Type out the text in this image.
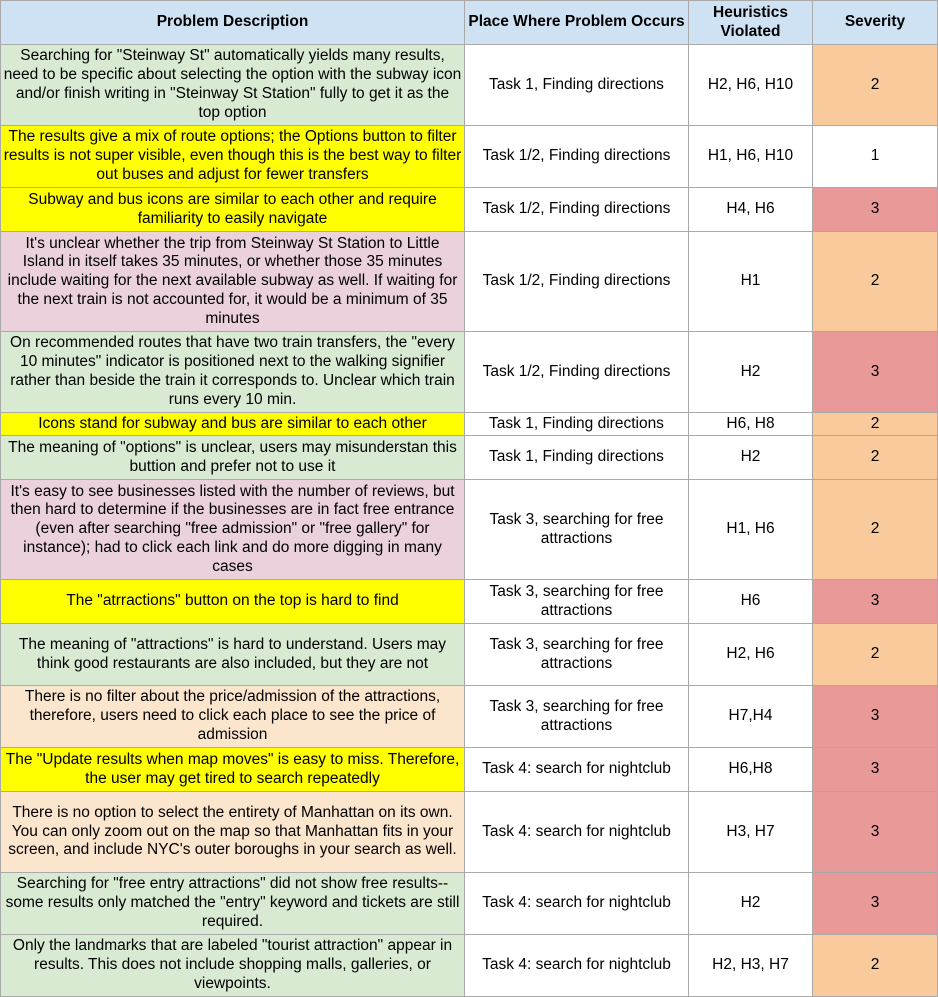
Problem Description	Place Where Problem Occurs	Heuristics Violated	Severity
Searching for "Steinway St" automatically yields many results, need to be specific about selecting the option with the subway icon and/or finish writing in "Steinway St Station" fully to get it as the top option	Task 1, Finding directions	H2, H6, H10	2
The results give a mix of route options; the Options button to filter results is not super visible, even though this is the best way to filter out buses and adjust for fewer transfers	Task 1/2, Finding directions	H1, H6, H10	1
Subway and bus icons are similar to each other and require familiarity to easily navigate	Task 1/2, Finding directions	H4, H6	3
It's unclear whether the trip from Steinway St Station to Little Island in itself takes 35 minutes, or whether those 35 minutes include waiting for the next available subway as well. If waiting for the next train is not accounted for, it would be a minimum of 35 minutes	Task 1/2, Finding directions	H1	2
On recommended routes that have two train transfers, the "every 10 minutes" indicator is positioned next to the walking signifier rather than beside the train it corresponds to. Unclear which train runs every 10 min.	Task 1/2, Finding directions	H2	3
Icons stand for subway and bus are similar to each other	Task 1, Finding directions	H6, H8	2
The meaning of "options" is unclear, users may misunderstan this buttion and prefer not to use it	Task 1, Finding directions	H2	2
It's easy to see businesses listed with the number of reviews, but then hard to determine if the businesses are in fact free entrance (even after searching "free admission" or "free gallery" for instance); had to click each link and do more digging in many cases	Task 3, searching for free attractions	H1, H6	2
The "atrractions" button on the top is hard to find	Task 3, searching for free attractions	H6	3
The meaning of "attractions" is hard to understand. Users may think good restaurants are also included, but they are not	Task 3, searching for free attractions	H2, H6	2
There is no filter about the price/admission of the attractions, therefore, users need to click each place to see the price of admission	Task 3, searching for free attractions	H7,H4	3
The "Update results when map moves" is easy to miss. Therefore, the user may get tired to search repeatedly	Task 4: search for nightclub	H6,H8	3
There is no option to select the entirety of Manhattan on its own. You can only zoom out on the map so that Manhattan fits in your screen, and include NYC's outer boroughs in your search as well.	Task 4: search for nightclub	H3, H7	3
Searching for "free entry attractions" did not show free results--some results only matched the "entry" keyword and tickets are still required.	Task 4: search for nightclub	H2	3
Only the landmarks that are labeled "tourist attraction" appear in results. This does not include shopping malls, galleries, or viewpoints.	Task 4: search for nightclub	H2, H3, H7	2
